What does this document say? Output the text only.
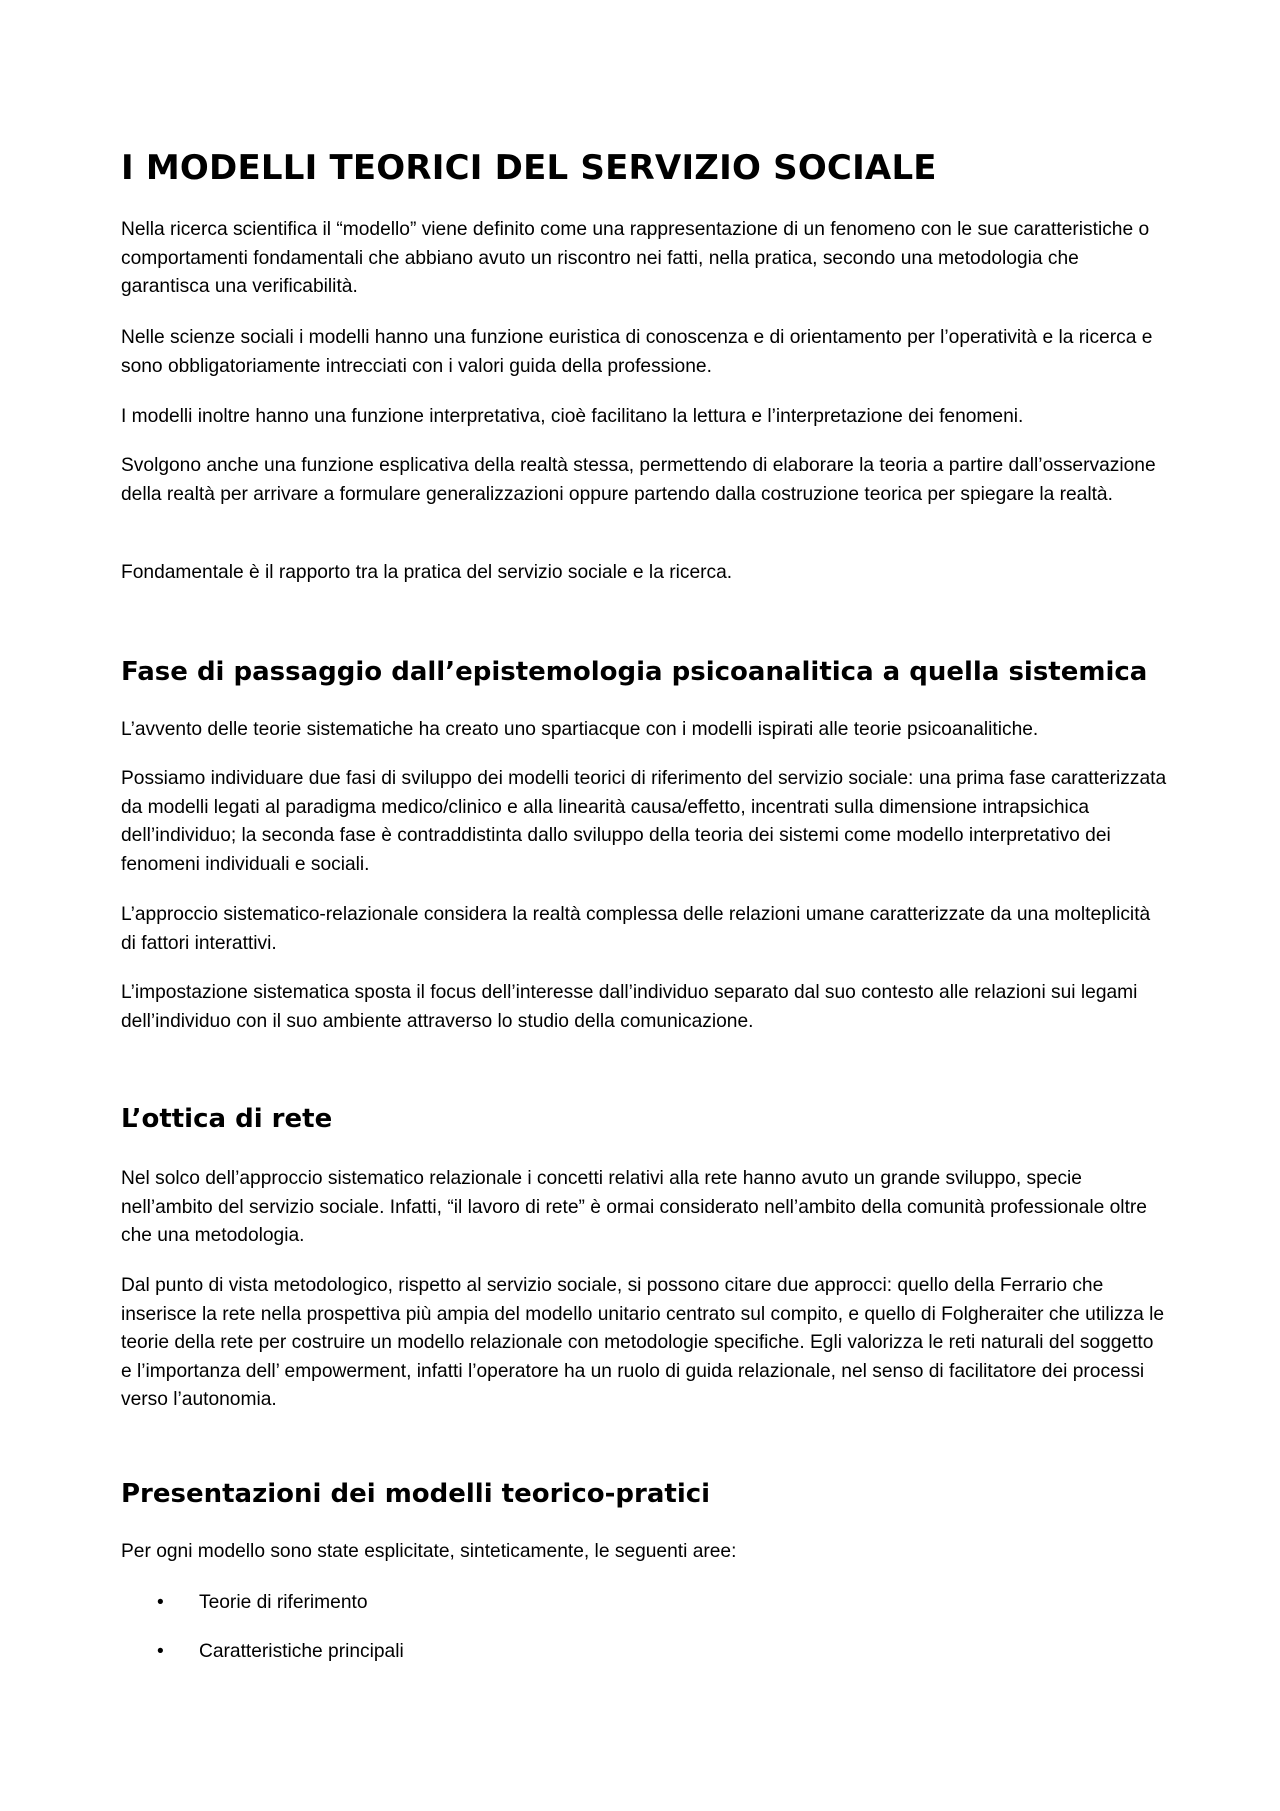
I MODELLI TEORICI DEL SERVIZIO SOCIALE

Nella ricerca scientifica il “modello” viene definito come una rappresentazione di un fenomeno con le sue caratteristiche o comportamenti fondamentali che abbiano avuto un riscontro nei fatti, nella pratica, secondo una metodologia che garantisca una verificabilità.

Nelle scienze sociali i modelli hanno una funzione euristica di conoscenza e di orientamento per l’operatività e la ricerca e sono obbligatoriamente intrecciati con i valori guida della professione.

I modelli inoltre hanno una funzione interpretativa, cioè facilitano la lettura e l’interpretazione dei fenomeni.

Svolgono anche una funzione esplicativa della realtà stessa, permettendo di elaborare la teoria a partire dall’osservazione della realtà per arrivare a formulare generalizzazioni oppure partendo dalla costruzione teorica per spiegare la realtà.

Fondamentale è il rapporto tra la pratica del servizio sociale e la ricerca.

Fase di passaggio dall’epistemologia psicoanalitica a quella sistemica

L’avvento delle teorie sistematiche ha creato uno spartiacque con i modelli ispirati alle teorie psicoanalitiche.

Possiamo individuare due fasi di sviluppo dei modelli teorici di riferimento del servizio sociale: una prima fase caratterizzata da modelli legati al paradigma medico/clinico e alla linearità causa/effetto, incentrati sulla dimensione intrapsichica dell’individuo; la seconda fase è contraddistinta dallo sviluppo della teoria dei sistemi come modello interpretativo dei fenomeni individuali e sociali.

L’approccio sistematico-relazionale considera la realtà complessa delle relazioni umane caratterizzate da una molteplicità di fattori interattivi.

L’impostazione sistematica sposta il focus dell’interesse dall’individuo separato dal suo contesto alle relazioni sui legami dell’individuo con il suo ambiente attraverso lo studio della comunicazione.

L’ottica di rete

Nel solco dell’approccio sistematico relazionale i concetti relativi alla rete hanno avuto un grande sviluppo, specie nell’ambito del servizio sociale. Infatti, “il lavoro di rete” è ormai considerato nell’ambito della comunità professionale oltre che una metodologia.

Dal punto di vista metodologico, rispetto al servizio sociale, si possono citare due approcci: quello della Ferrario che inserisce la rete nella prospettiva più ampia del modello unitario centrato sul compito, e quello di Folgheraiter che utilizza le teorie della rete per costruire un modello relazionale con metodologie specifiche. Egli valorizza le reti naturali del soggetto e l’importanza dell’ empowerment, infatti l’operatore ha un ruolo di guida relazionale, nel senso di facilitatore dei processi verso l’autonomia.

Presentazioni dei modelli teorico-pratici

Per ogni modello sono state esplicitate, sinteticamente, le seguenti aree:

• Teorie di riferimento
• Caratteristiche principali
